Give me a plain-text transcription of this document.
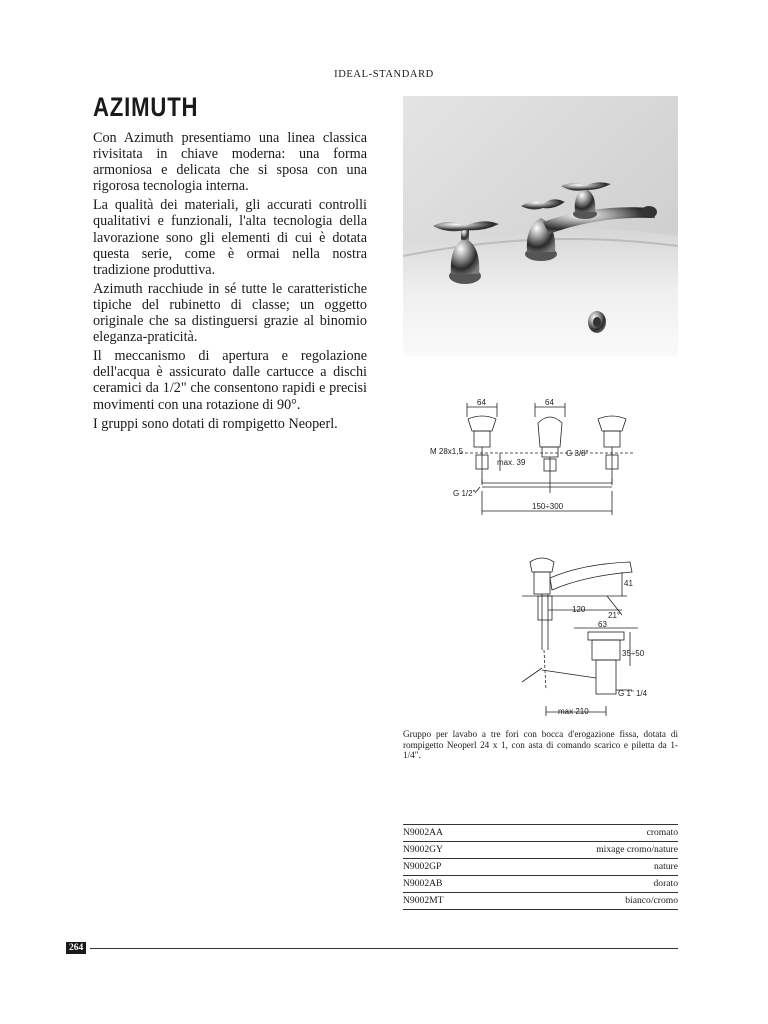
IDEAL-STANDARD
AZIMUTH

Con Azimuth presentiamo una linea classica rivisitata in chiave moderna: una forma armoniosa e delicata che si sposa con una rigorosa tecnologia interna.

La qualità dei materiali, gli accurati controlli qualitativi e funzionali, l'alta tecnologia della lavorazione sono gli elementi di cui è dotata questa serie, come è ormai nella nostra tradizione produttiva.

Azimuth racchiude in sé tutte le caratteristiche tipiche del rubinetto di classe; un oggetto originale che sa distinguersi grazie al binomio eleganza-praticità.

Il meccanismo di apertura e regolazione dell'acqua è assicurato dalle cartucce a dischi ceramici da 1/2" che consentono rapidi e precisi movimenti con una rotazione di 90°.

I gruppi sono dotati di rompigetto Neoperl.

64	64
M 28x1,5	G 3/8"
max. 39
G 1/2"
150÷300
41
120
21°
63
35÷50
G 1" 1/4
max 210
Gruppo per lavabo a tre fori con bocca d'erogazione fissa, dotata di rompigetto Neoperl 24 x 1, con asta di comando scarico e piletta da 1-1/4".
N9002AA	cromato
N9002GY	mixage cromo/nature
N9002GP	nature
N9002AB	dorato
N9002MT	bianco/cromo
264
